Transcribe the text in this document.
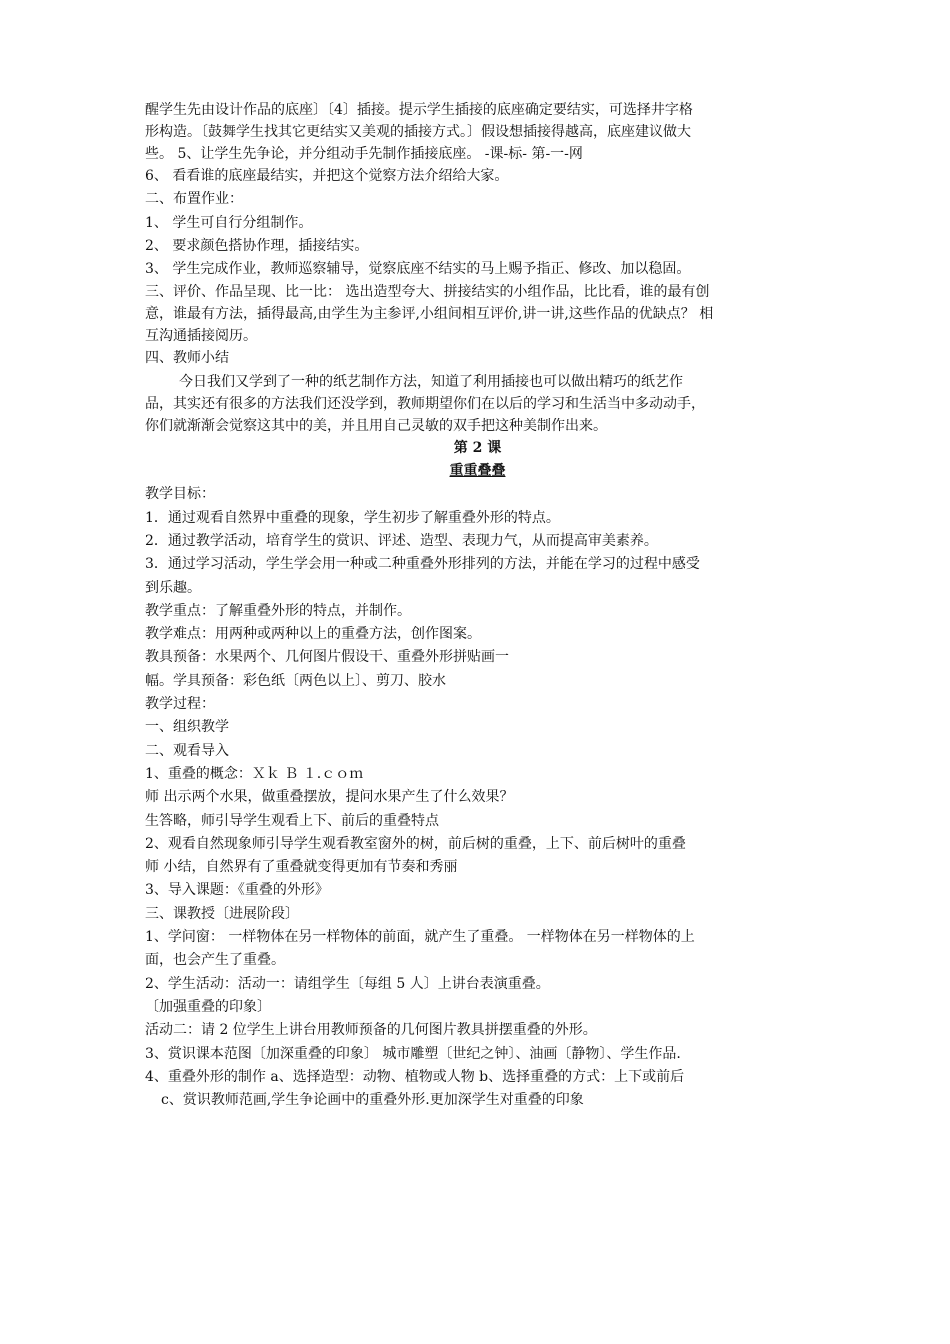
醒学生先由设计作品的底座〕〔4〕插接。提示学生插接的底座确定要结实，可选择井字格
形构造。〔鼓舞学生找其它更结实又美观的插接方式。〕假设想插接得越高，底座建议做大
些。 5、让学生先争论，并分组动手先制作插接底座。 -课-标- 第-一-网
6、 看看谁的底座最结实，并把这个觉察方法介绍给大家。
二、布置作业：
1、 学生可自行分组制作。
2、 要求颜色搭协作理，插接结实。
3、 学生完成作业，教师巡察辅导，觉察底座不结实的马上赐予指正、修改、加以稳固。
三、评价、作品呈现、比一比： 选出造型夸大、拼接结实的小组作品，比比看，谁的最有创
意，谁最有方法，插得最高,由学生为主参评,小组间相互评价,讲一讲,这些作品的优缺点？ 相
互沟通插接阅历。
四、教师小结
今日我们又学到了一种的纸艺制作方法，知道了利用插接也可以做出精巧的纸艺作
品，其实还有很多的方法我们还没学到，教师期望你们在以后的学习和生活当中多动动手，
你们就渐渐会觉察这其中的美，并且用自己灵敏的双手把这种美制作出来。
第 2 课
重重叠叠
教学目标：
1．通过观看自然界中重叠的现象，学生初步了解重叠外形的特点。
2．通过教学活动，培育学生的赏识、评述、造型、表现力气，从而提高审美素养。
3．通过学习活动，学生学会用一种或二种重叠外形排列的方法，并能在学习的过程中感受
到乐趣。
教学重点：了解重叠外形的特点，并制作。
教学难点：用两种或两种以上的重叠方法，创作图案。
教具预备：水果两个、几何图片假设干、重叠外形拼贴画一
幅。学具预备：彩色纸〔两色以上〕、剪刀、胶水
教学过程：
一、组织教学
二、观看导入
1、重叠的概念：Ｘｋ Ｂ １.ｃｏｍ
师 出示两个水果，做重叠摆放，提问水果产生了什么效果？
生答略，师引导学生观看上下、前后的重叠特点
2、观看自然现象师引导学生观看教室窗外的树，前后树的重叠，上下、前后树叶的重叠
师 小结，自然界有了重叠就变得更加有节奏和秀丽
3、导入课题：《重叠的外形》
三、课教授〔进展阶段〕
1、学问窗： 一样物体在另一样物体的前面，就产生了重叠。 一样物体在另一样物体的上
面，也会产生了重叠。
2、学生活动：活动一：请组学生〔每组 5 人〕上讲台表演重叠。
〔加强重叠的印象〕
活动二：请 2 位学生上讲台用教师预备的几何图片教具拼摆重叠的外形。
3、赏识课本范图〔加深重叠的印象〕 城市雕塑〔世纪之钟〕、油画〔静物〕、学生作品.
4、重叠外形的制作 a、选择造型：动物、植物或人物 b、选择重叠的方式：上下或前后
c、赏识教师范画,学生争论画中的重叠外形.更加深学生对重叠的印象
